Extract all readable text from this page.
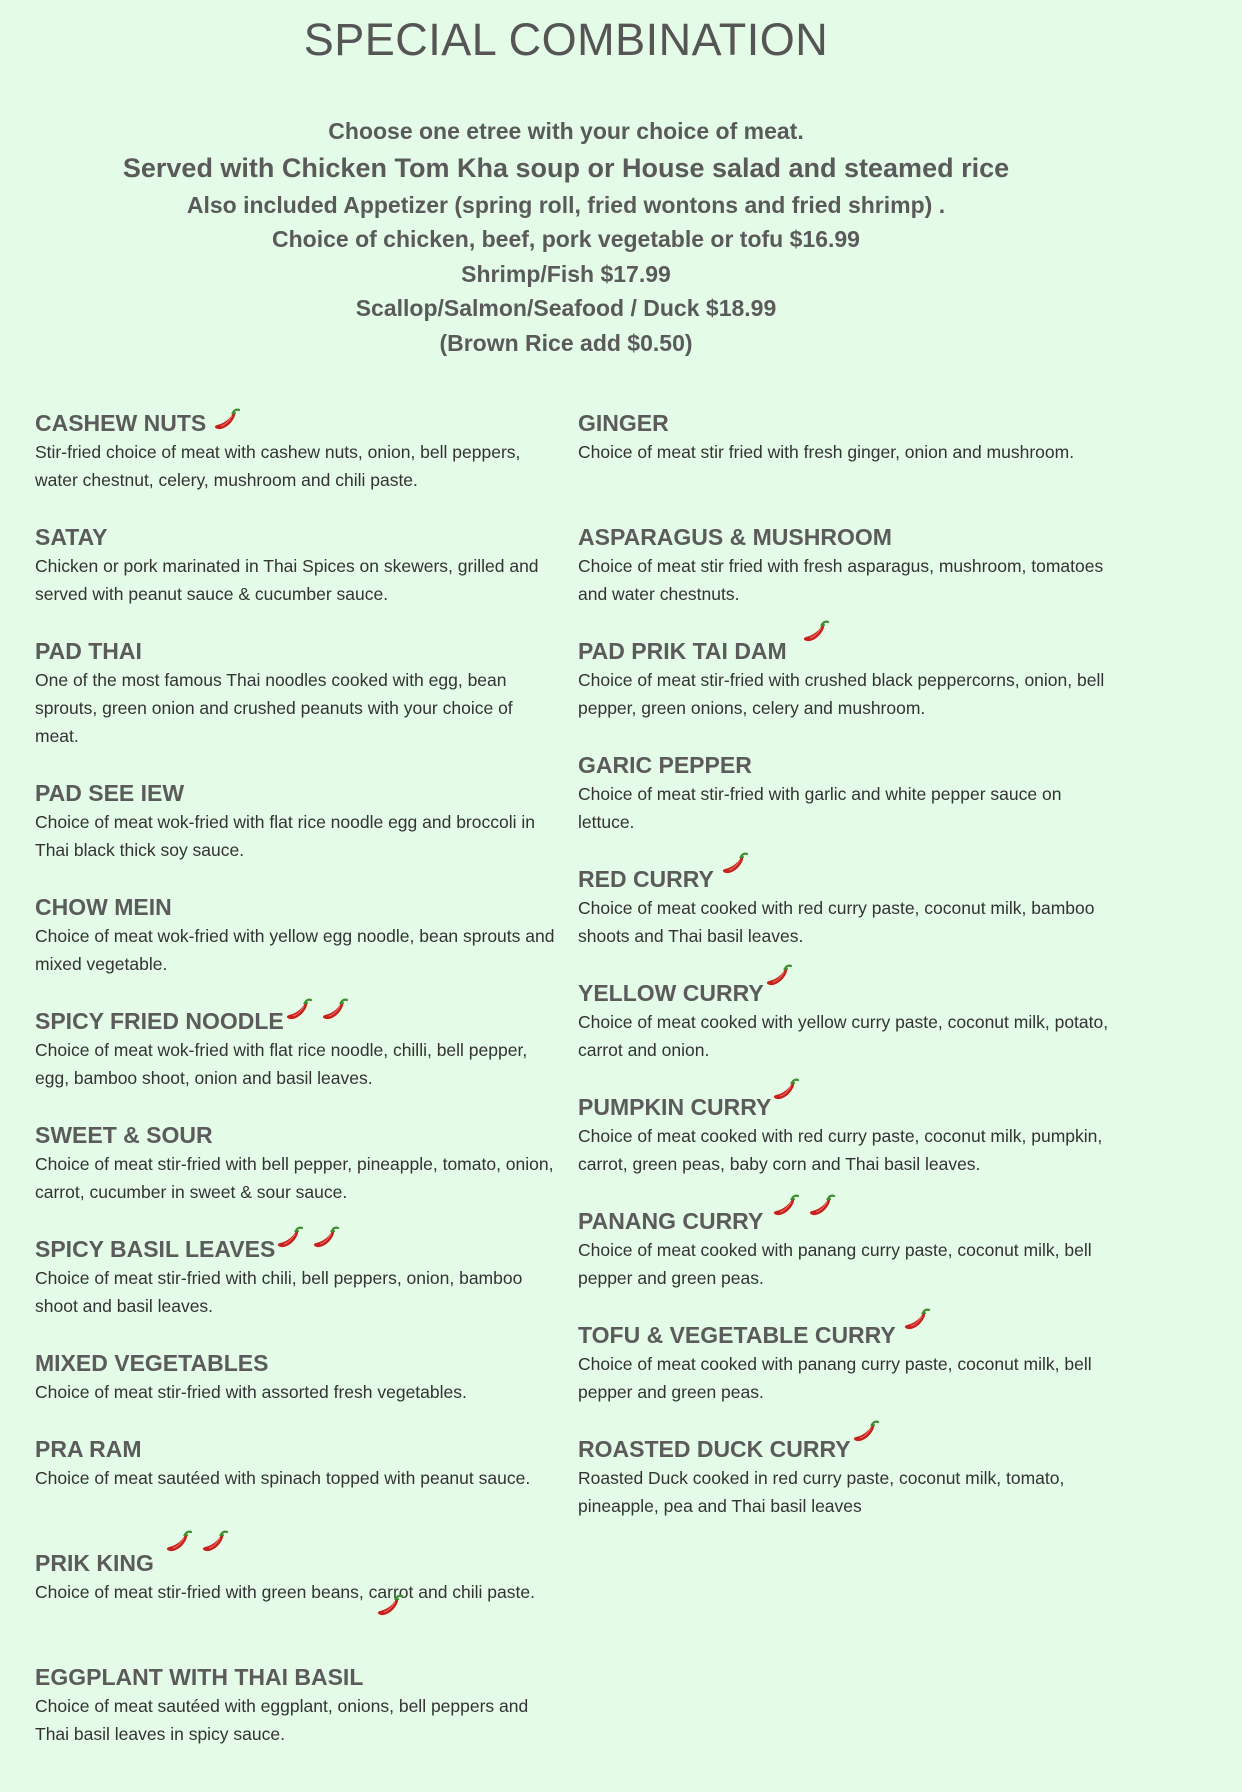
SPECIAL COMBINATION
Choose one etree with your choice of meat.
Served with Chicken Tom Kha soup or House salad and steamed rice
Also included Appetizer (spring roll, fried wontons and fried shrimp) .
Choice of chicken, beef, pork vegetable or tofu $16.99
Shrimp/Fish $17.99
Scallop/Salmon/Seafood / Duck $18.99
(Brown Rice add $0.50)
CASHEW NUTS
Stir-fried choice of meat with cashew nuts, onion, bell peppers, water chestnut, celery, mushroom and chili paste.
SATAY
Chicken or pork marinated in Thai Spices on skewers, grilled and served with peanut sauce & cucumber sauce.
PAD THAI
One of the most famous Thai noodles cooked with egg, bean sprouts, green onion and crushed peanuts with your choice of meat.
PAD SEE IEW
Choice of meat wok-fried with flat rice noodle egg and broccoli in Thai black thick soy sauce.
CHOW MEIN
Choice of meat wok-fried with yellow egg noodle, bean sprouts and mixed vegetable.
SPICY FRIED NOODLE
Choice of meat wok-fried with flat rice noodle, chilli, bell pepper, egg, bamboo shoot, onion and basil leaves.
SWEET & SOUR
Choice of meat stir-fried with bell pepper, pineapple, tomato, onion, carrot, cucumber in sweet & sour sauce.
SPICY BASIL LEAVES
Choice of meat stir-fried with chili, bell peppers, onion, bamboo shoot and basil leaves.
MIXED VEGETABLES
Choice of meat stir-fried with assorted fresh vegetables.
PRA RAM
Choice of meat sautéed with spinach topped with peanut sauce.
PRIK KING
Choice of meat stir-fried with green beans, carrot and chili paste.
EGGPLANT WITH THAI BASIL
Choice of meat sautéed with eggplant, onions, bell peppers and Thai basil leaves in spicy sauce.
GINGER
Choice of meat stir fried with fresh ginger, onion and mushroom.
ASPARAGUS & MUSHROOM
Choice of meat stir fried with fresh asparagus, mushroom, tomatoes and water chestnuts.
PAD PRIK TAI DAM
Choice of meat stir-fried with crushed black peppercorns, onion, bell pepper, green onions, celery and mushroom.
GARIC PEPPER
Choice of meat stir-fried with garlic and white pepper sauce on lettuce.
RED CURRY
Choice of meat cooked with red curry paste, coconut milk, bamboo shoots and Thai basil leaves.
YELLOW CURRY
Choice of meat cooked with yellow curry paste, coconut milk, potato, carrot and onion.
PUMPKIN CURRY
Choice of meat cooked with red curry paste, coconut milk, pumpkin, carrot, green peas, baby corn and Thai basil leaves.
PANANG CURRY
Choice of meat cooked with panang curry paste, coconut milk, bell pepper and green peas.
TOFU & VEGETABLE CURRY
Choice of meat cooked with panang curry paste, coconut milk, bell pepper and green peas.
ROASTED DUCK CURRY
Roasted Duck cooked in red curry paste, coconut milk, tomato, pineapple, pea and Thai basil leaves
